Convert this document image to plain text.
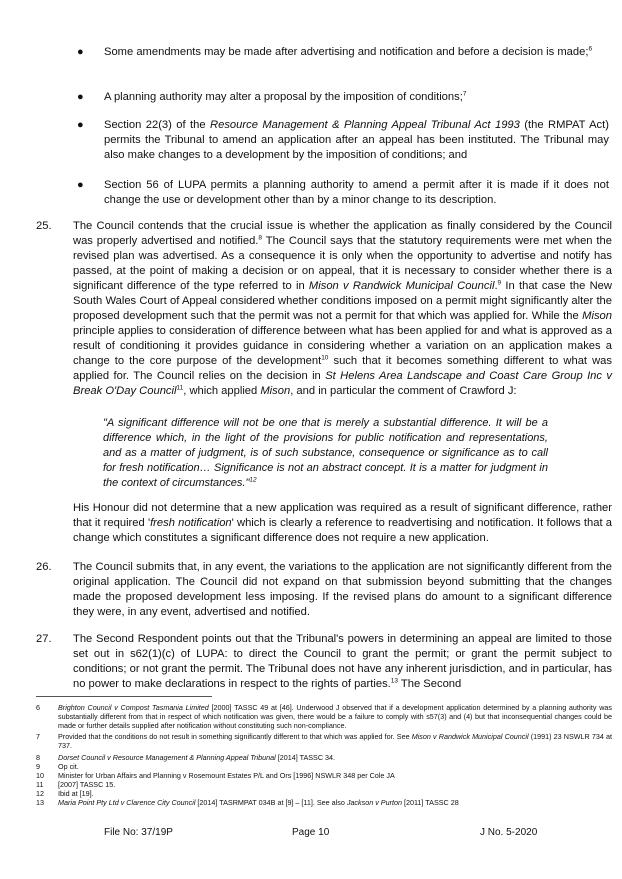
● Some amendments may be made after advertising and notification and before a decision is made;$^6$
● A planning authority may alter a proposal by the imposition of conditions;$^7$
● Section 22(3) of the Resource Management & Planning Appeal Tribunal Act 1993 (the RMPAT Act) permits the Tribunal to amend an application after an appeal has been instituted. The Tribunal may also make changes to a development by the imposition of conditions; and
● Section 56 of LUPA permits a planning authority to amend a permit after it is made if it does not change the use or development other than by a minor change to its description.
25.	The Council contends that the crucial issue is whether the application as finally considered by the Council was properly advertised and notified.$^8$ The Council says that the statutory requirements were met when the revised plan was advertised. As a consequence it is only when the opportunity to advertise and notify has passed, at the point of making a decision or on appeal, that it is necessary to consider whether there is a significant difference of the type referred to in Mison v Randwick Municipal Council.$^9$ In that case the New South Wales Court of Appeal considered whether conditions imposed on a permit might significantly alter the proposed development such that the permit was not a permit for that which was applied for. While the Mison principle applies to consideration of difference between what has been applied for and what is approved as a result of conditioning it provides guidance in considering whether a variation on an application makes a change to the core purpose of the development$^{10}$ such that it becomes something different to what was applied for. The Council relies on the decision in St Helens Area Landscape and Coast Care Group Inc v Break O'Day Council$^{11}$, which applied Mison, and in particular the comment of Crawford J:
"A significant difference will not be one that is merely a substantial difference. It will be a difference which, in the light of the provisions for public notification and representations, and as a matter of judgment, is of such substance, consequence or significance as to call for fresh notification… Significance is not an abstract concept. It is a matter for judgment in the context of circumstances."$^{12}$
His Honour did not determine that a new application was required as a result of significant difference, rather that it required 'fresh notification' which is clearly a reference to readvertising and notification. It follows that a change which constitutes a significant difference does not require a new application.
26.	The Council submits that, in any event, the variations to the application are not significantly different from the original application. The Council did not expand on that submission beyond submitting that the changes made the proposed development less imposing. If the revised plans do amount to a significant difference they were, in any event, advertised and notified.
27.	The Second Respondent points out that the Tribunal's powers in determining an appeal are limited to those set out in s62(1)(c) of LUPA: to direct the Council to grant the permit; or grant the permit subject to conditions; or not grant the permit. The Tribunal does not have any inherent jurisdiction, and in particular, has no power to make declarations in respect to the rights of parties.$^{13}$ The Second
6	Brighton Council v Compost Tasmania Limited [2000] TASSC 49 at [46]. Underwood J observed that if a development application determined by a planning authority was substantially different from that in respect of which notification was given, there would be a failure to comply with s57(3) and (4) but that inconsequential changes could be made or further details supplied after notification without constituting such non-compliance.
7	Provided that the conditions do not result in something significantly different to that which was applied for. See Mison v Randwick Municipal Council (1991) 23 NSWLR 734 at 737.
8	Dorset Council v Resource Management & Planning Appeal Tribunal [2014] TASSC 34.
9	Op cit.
10	Minister for Urban Affairs and Planning v Rosemount Estates P/L and Ors [1996] NSWLR 348 per Cole JA
11	[2007] TASSC 15.
12	Ibid at [19].
13	Maria Point Pty Ltd v Clarence City Council [2014] TASRMPAT 034B at [9] – [11]. See also Jackson v Purton [2011] TASSC 28
File No: 37/19P	Page 10	J No. 5-2020
